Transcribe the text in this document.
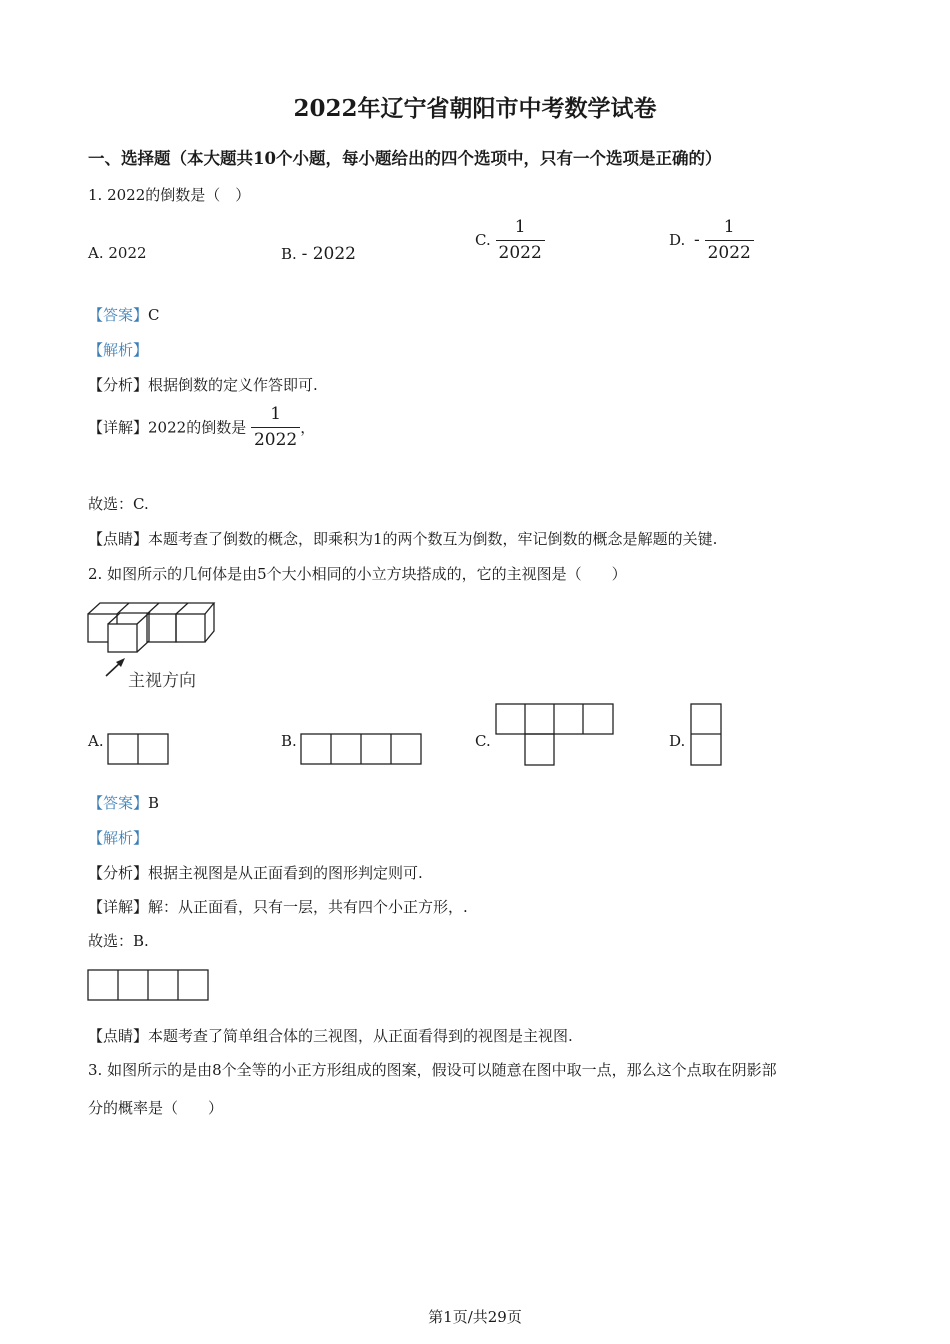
2022年辽宁省朝阳市中考数学试卷
一、选择题（本大题共10个小题，每小题给出的四个选项中，只有一个选项是正确的）
1. 2022的倒数是（　）
A. 2022	B. - 2022
C. $\frac{1}{2022}$	D. - $\frac{1}{2022}$
【答案】C
【解析】
【分析】根据倒数的定义作答即可.
【详解】2022的倒数是 $\frac{1}{2022}$ ，
故选：C.
【点睛】本题考查了倒数的概念，即乘积为1的两个数互为倒数，牢记倒数的概念是解题的关键.
2. 如图所示的几何体是由5个大小相同的小立方块搭成的，它的主视图是（　　）
主视方向
A.	B.	C.	D.
【答案】B
【解析】
【分析】根据主视图是从正面看到的图形判定则可.
【详解】解：从正面看，只有一层，共有四个小正方形，.
故选：B.
【点睛】本题考查了简单组合体的三视图，从正面看得到的视图是主视图.
3. 如图所示的是由8个全等的小正方形组成的图案，假设可以随意在图中取一点，那么这个点取在阴影部
分的概率是（　　）
第1页/共29页
